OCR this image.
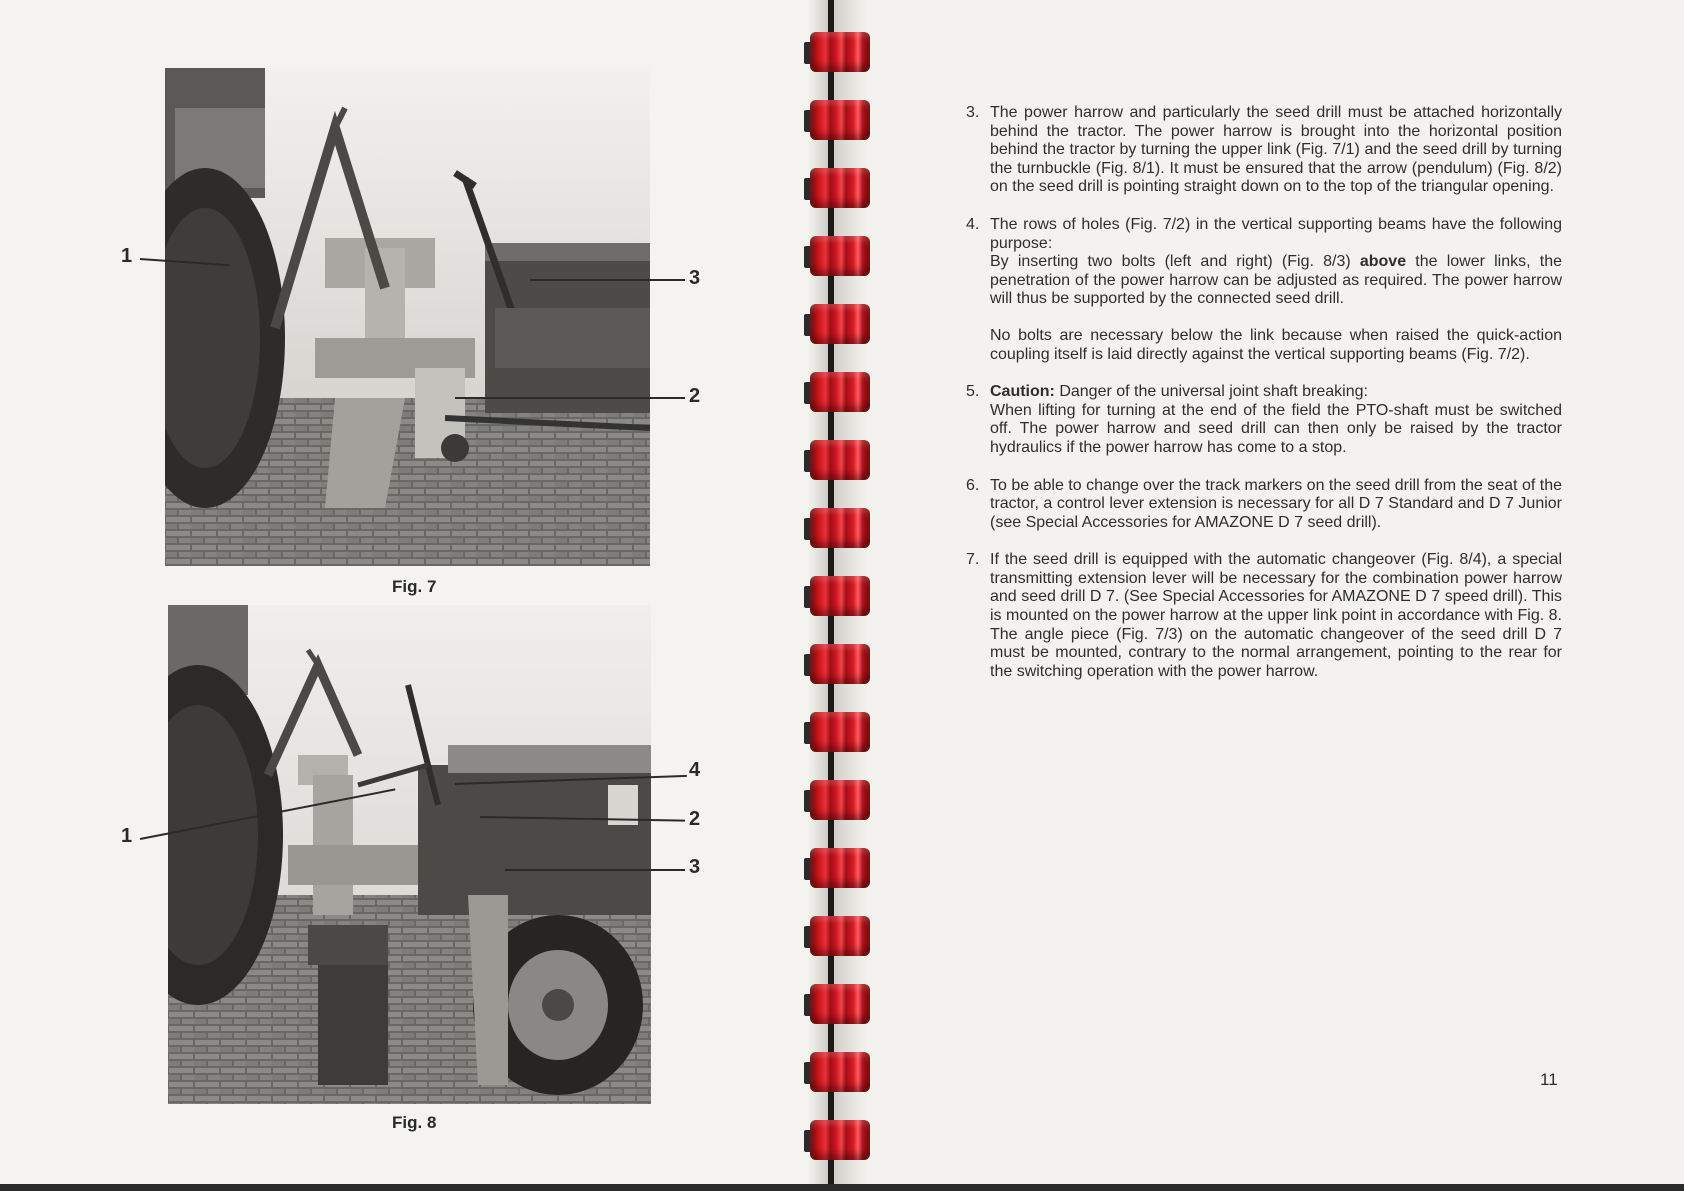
1
3
2
Fig. 7
4
1
2
3
Fig. 8
3. The power harrow and particularly the seed drill must be attached horizontally behind the tractor. The power harrow is brought into the horizontal position behind the tractor by turning the upper link (Fig. 7/1) and the seed drill by turning the turnbuckle (Fig. 8/1). It must be ensured that the arrow (pendulum) (Fig. 8/2) on the seed drill is pointing straight down on to the top of the triangular opening.

4. The rows of holes (Fig. 7/2) in the vertical supporting beams have the following purpose:

By inserting two bolts (left and right) (Fig. 8/3) above the lower links, the penetration of the power harrow can be adjusted as required. The power harrow will thus be supported by the connected seed drill.

No bolts are necessary below the link because when raised the quick-action coupling itself is laid directly against the vertical supporting beams (Fig. 7/2).

5. Caution: Danger of the universal joint shaft breaking:

When lifting for turning at the end of the field the PTO-shaft must be switched off. The power harrow and seed drill can then only be raised by the tractor hydraulics if the power harrow has come to a stop.

6. To be able to change over the track markers on the seed drill from the seat of the tractor, a control lever extension is necessary for all D 7 Standard and D 7 Junior (see Special Accessories for AMAZONE D 7 seed drill).

7. If the seed drill is equipped with the automatic changeover (Fig. 8/4), a special transmitting extension lever will be necessary for the combination power harrow and seed drill D 7. (See Special Accessories for AMAZONE D 7 speed drill). This is mounted on the power harrow at the upper link point in accordance with Fig. 8. The angle piece (Fig. 7/3) on the automatic changeover of the seed drill D 7 must be mounted, contrary to the normal arrangement, pointing to the rear for the switching operation with the power harrow.

11
